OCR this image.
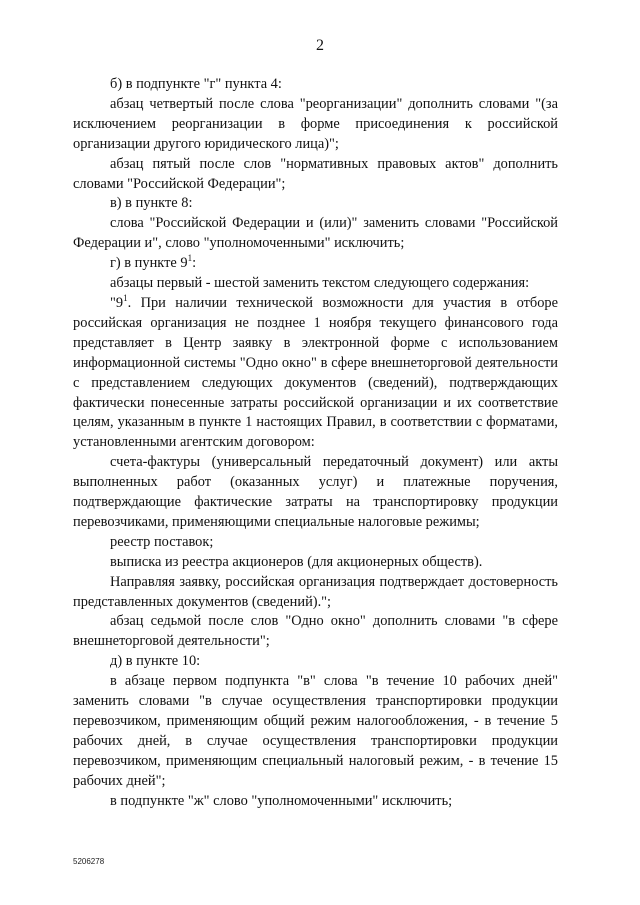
2

б) в подпункте "г" пункта 4:

абзац четвертый после слова "реорганизации" дополнить словами "(за исключением реорганизации в форме присоединения к российской организации другого юридического лица)";

абзац пятый после слов "нормативных правовых актов" дополнить словами "Российской Федерации";

в) в пункте 8:

слова "Российской Федерации и (или)" заменить словами "Российской Федерации и", слово "уполномоченными" исключить;

г) в пункте $9^1$:

абзацы первый - шестой заменить текстом следующего содержания:

"$9^1$. При наличии технической возможности для участия в отборе российская организация не позднее 1 ноября текущего финансового года представляет в Центр заявку в электронной форме с использованием информационной системы "Одно окно" в сфере внешнеторговой деятельности с представлением следующих документов (сведений), подтверждающих фактически понесенные затраты российской организации и их соответствие целям, указанным в пункте 1 настоящих Правил, в соответствии с форматами, установленными агентским договором:

счета-фактуры (универсальный передаточный документ) или акты выполненных работ (оказанных услуг) и платежные поручения, подтверждающие фактические затраты на транспортировку продукции перевозчиками, применяющими специальные налоговые режимы;

реестр поставок;

выписка из реестра акционеров (для акционерных обществ).

Направляя заявку, российская организация подтверждает достоверность представленных документов (сведений).";

абзац седьмой после слов "Одно окно" дополнить словами "в сфере внешнеторговой деятельности";

д) в пункте 10:

в абзаце первом подпункта "в" слова "в течение 10 рабочих дней" заменить словами "в случае осуществления транспортировки продукции перевозчиком, применяющим общий режим налогообложения, - в течение 5 рабочих дней, в случае осуществления транспортировки продукции перевозчиком, применяющим специальный налоговый режим, - в течение 15 рабочих дней";

в подпункте "ж" слово "уполномоченными" исключить;

5206278
